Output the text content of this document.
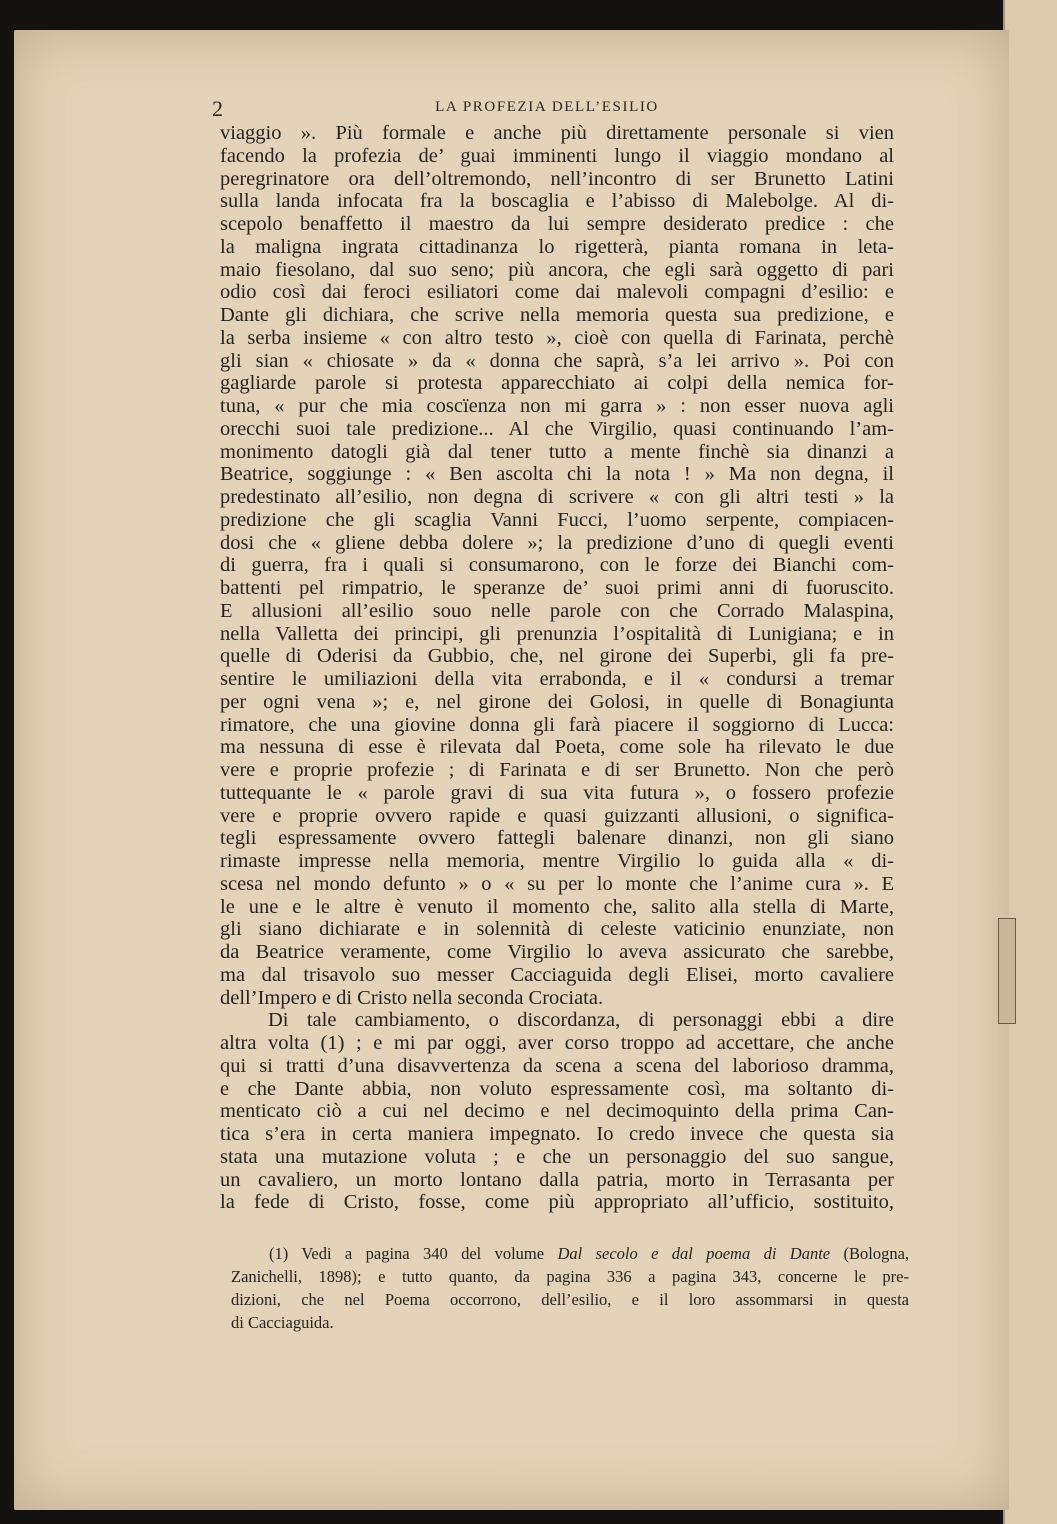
2	LA PROFEZIA DELL’ESILIO
viaggio ». Più formale e anche più direttamente personale si vien
facendo la profezia de’ guai imminenti lungo il viaggio mondano al
peregrinatore ora dell’oltremondo, nell’incontro di ser Brunetto Latini
sulla landa infocata fra la boscaglia e l’abisso di Malebolge. Al di-
scepolo benaffetto il maestro da lui sempre desiderato predice : che
la maligna ingrata cittadinanza lo rigetterà, pianta romana in leta-
maio fiesolano, dal suo seno; più ancora, che egli sarà oggetto di pari
odio così dai feroci esiliatori come dai malevoli compagni d’esilio: e
Dante gli dichiara, che scrive nella memoria questa sua predizione, e
la serba insieme « con altro testo », cioè con quella di Farinata, perchè
gli sian « chiosate » da « donna che saprà, s’a lei arrivo ». Poi con
gagliarde parole si protesta apparecchiato ai colpi della nemica for-
tuna, « pur che mia coscïenza non mi garra » : non esser nuova agli
orecchi suoi tale predizione... Al che Virgilio, quasi continuando l’am-
monimento datogli già dal tener tutto a mente finchè sia dinanzi a
Beatrice, soggiunge : « Ben ascolta chi la nota ! » Ma non degna, il
predestinato all’esilio, non degna di scrivere « con gli altri testi » la
predizione che gli scaglia Vanni Fucci, l’uomo serpente, compiacen-
dosi che « gliene debba dolere »; la predizione d’uno di quegli eventi
di guerra, fra i quali si consumarono, con le forze dei Bianchi com-
battenti pel rimpatrio, le speranze de’ suoi primi anni di fuoruscito.
E allusioni all’esilio souo nelle parole con che Corrado Malaspina,
nella Valletta dei principi, gli prenunzia l’ospitalità di Lunigiana; e in
quelle di Oderisi da Gubbio, che, nel girone dei Superbi, gli fa pre-
sentire le umiliazioni della vita errabonda, e il « condursi a tremar
per ogni vena »; e, nel girone dei Golosi, in quelle di Bonagiunta
rimatore, che una giovine donna gli farà piacere il soggiorno di Lucca:
ma nessuna di esse è rilevata dal Poeta, come sole ha rilevato le due
vere e proprie profezie ; di Farinata e di ser Brunetto. Non che però
tuttequante le « parole gravi di sua vita futura », o fossero profezie
vere e proprie ovvero rapide e quasi guizzanti allusioni, o significa-
tegli espressamente ovvero fattegli balenare dinanzi, non gli siano
rimaste impresse nella memoria, mentre Virgilio lo guida alla « di-
scesa nel mondo defunto » o « su per lo monte che l’anime cura ». E
le une e le altre è venuto il momento che, salito alla stella di Marte,
gli siano dichiarate e in solennità di celeste vaticinio enunziate, non
da Beatrice veramente, come Virgilio lo aveva assicurato che sarebbe,
ma dal trisavolo suo messer Cacciaguida degli Elisei, morto cavaliere
dell’Impero e di Cristo nella seconda Crociata.
Di tale cambiamento, o discordanza, di personaggi ebbi a dire
altra volta (1) ; e mi par oggi, aver corso troppo ad accettare, che anche
qui si tratti d’una disavvertenza da scena a scena del laborioso dramma,
e che Dante abbia, non voluto espressamente così, ma soltanto di-
menticato ciò a cui nel decimo e nel decimoquinto della prima Can-
tica s’era in certa maniera impegnato. Io credo invece che questa sia
stata una mutazione voluta ; e che un personaggio del suo sangue,
un cavaliero, un morto lontano dalla patria, morto in Terrasanta per
la fede di Cristo, fosse, come più appropriato all’ufficio, sostituito,
(1) Vedi a pagina 340 del volume Dal secolo e dal poema di Dante (Bologna,
Zanichelli, 1898); e tutto quanto, da pagina 336 a pagina 343, concerne le pre-
dizioni, che nel Poema occorrono, dell’esilio, e il loro assommarsi in questa
di Cacciaguida.
